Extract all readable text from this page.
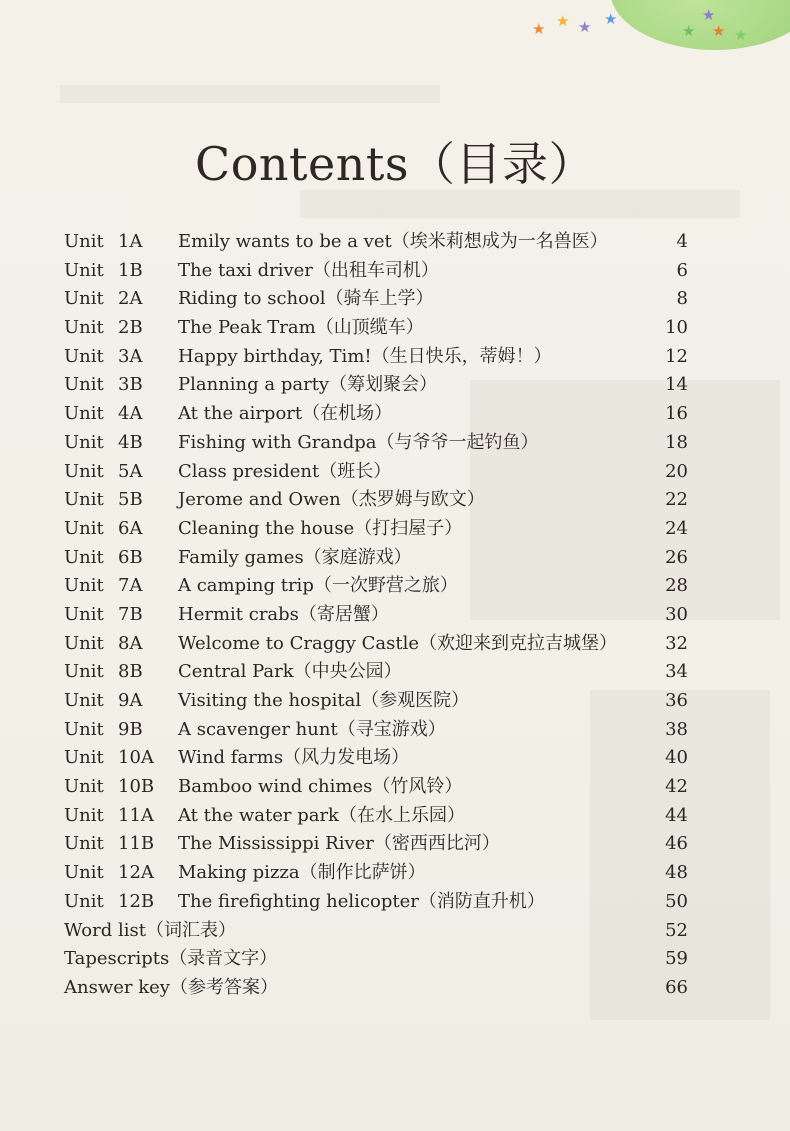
★ ★ ★ ★	★
★ ★ ★
Contents（目录）
Unit 1A Emily wants to be a vet（埃米莉想成为一名兽医）	4
Unit 1B The taxi driver（出租车司机）	6
Unit 2A Riding to school（骑车上学）	8
Unit 2B The Peak Tram（山顶缆车）	10
Unit 3A Happy birthday, Tim!（生日快乐，蒂姆！）	12
Unit 3B Planning a party（筹划聚会）	14
Unit 4A At the airport（在机场）	16
Unit 4B Fishing with Grandpa（与爷爷一起钓鱼）	18
Unit 5A Class president（班长）	20
Unit 5B Jerome and Owen（杰罗姆与欧文）	22
Unit 6A Cleaning the house（打扫屋子）	24
Unit 6B Family games（家庭游戏）	26
Unit 7A A camping trip（一次野营之旅）	28
Unit 7B Hermit crabs（寄居蟹）	30
Unit 8A Welcome to Craggy Castle（欢迎来到克拉吉城堡）	32
Unit 8B Central Park（中央公园）	34
Unit 9A Visiting the hospital（参观医院）	36
Unit 9B A scavenger hunt（寻宝游戏）	38
Unit 10A Wind farms（风力发电场）	40
Unit 10B Bamboo wind chimes（竹风铃）	42
Unit 11A At the water park（在水上乐园）	44
Unit 11B The Mississippi River（密西西比河）	46
Unit 12A Making pizza（制作比萨饼）	48
Unit 12B The firefighting helicopter（消防直升机）	50
Word list（词汇表）	52
Tapescripts（录音文字）	59
Answer key（参考答案）	66
